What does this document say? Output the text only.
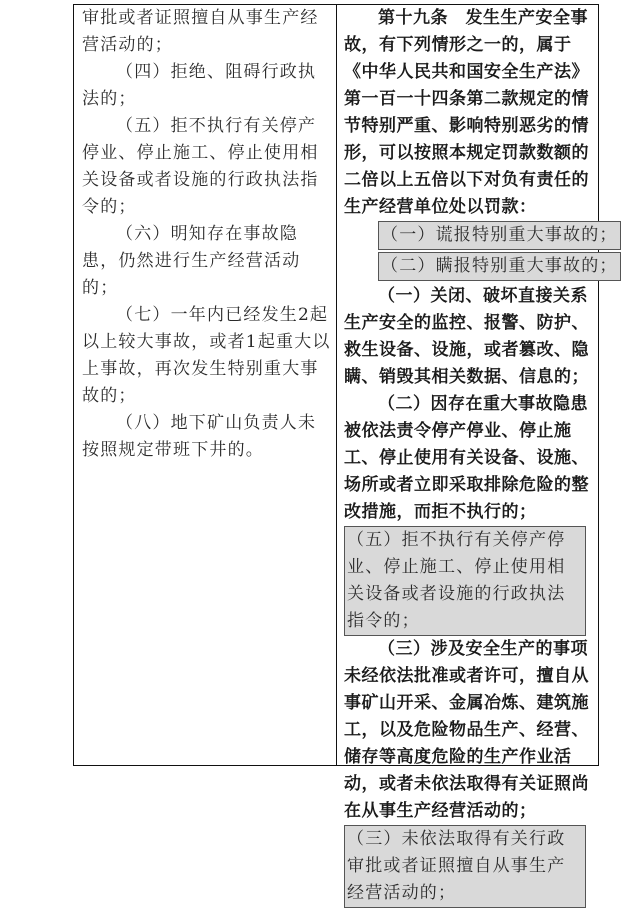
审批或者证照擅自从事生产经营活动的；

（四）拒绝、阻碍行政执法的；

（五）拒不执行有关停产停业、停止施工、停止使用相关设备或者设施的行政执法指令的；

（六）明知存在事故隐患，仍然进行生产经营活动的；

（七）一年内已经发生2起以上较大事故，或者1起重大以上事故，再次发生特别重大事故的；

（八）地下矿山负责人未按照规定带班下井的。

第十九条　发生生产安全事故，有下列情形之一的，属于《中华人民共和国安全生产法》第一百一十四条第二款规定的情节特别严重、影响特别恶劣的情形，可以按照本规定罚款数额的二倍以上五倍以下对负有责任的生产经营单位处以罚款：

（一）谎报特别重大事故的；
（二）瞒报特别重大事故的；

（一）关闭、破坏直接关系生产安全的监控、报警、防护、救生设备、设施，或者篡改、隐瞒、销毁其相关数据、信息的；

（二）因存在重大事故隐患被依法责令停产停业、停止施工、停止使用有关设备、设施、场所或者立即采取排除危险的整改措施，而拒不执行的；

（五）拒不执行有关停产停业、停止施工、停止使用相关设备或者设施的行政执法指令的；

（三）涉及安全生产的事项未经依法批准或者许可，擅自从事矿山开采、金属冶炼、建筑施工，以及危险物品生产、经营、储存等高度危险的生产作业活动，或者未依法取得有关证照尚在从事生产经营活动的；

（三）未依法取得有关行政审批或者证照擅自从事生产经营活动的；
